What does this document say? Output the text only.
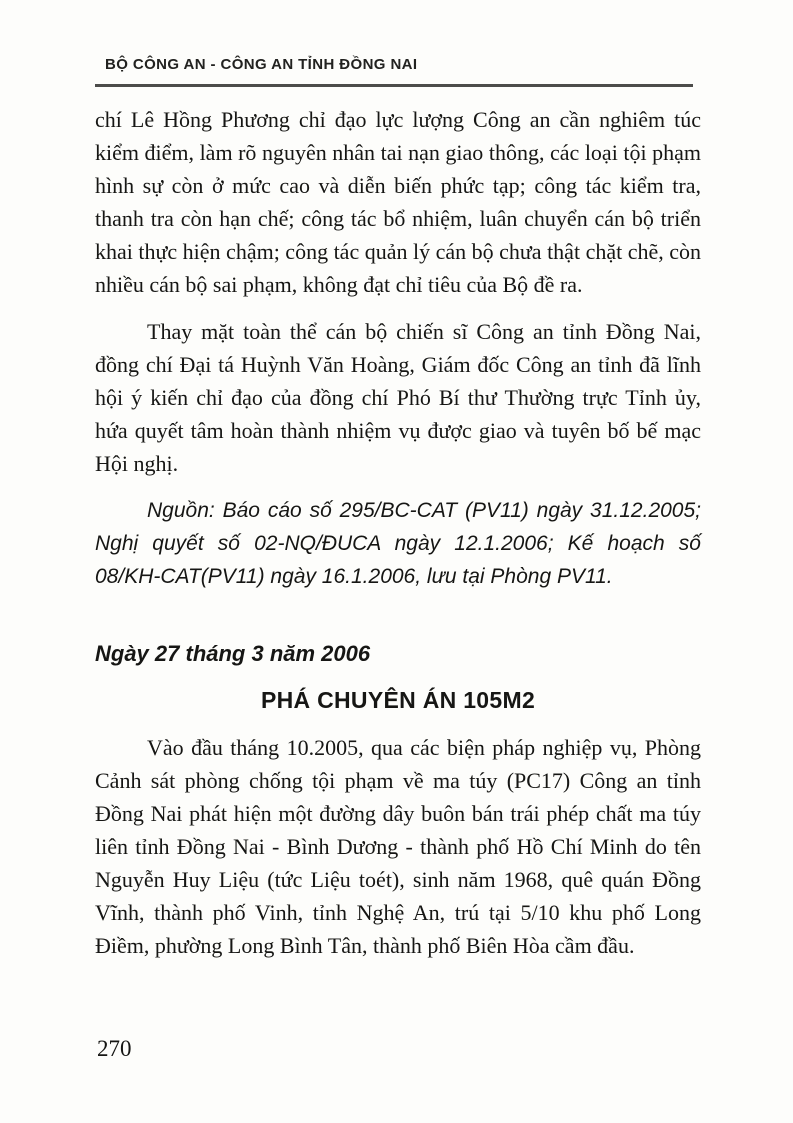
BỘ CÔNG AN - CÔNG AN TỈNH ĐỒNG NAI

chí Lê Hồng Phương chỉ đạo lực lượng Công an cần nghiêm túc kiểm điểm, làm rõ nguyên nhân tai nạn giao thông, các loại tội phạm hình sự còn ở mức cao và diễn biến phức tạp; công tác kiểm tra, thanh tra còn hạn chế; công tác bổ nhiệm, luân chuyển cán bộ triển khai thực hiện chậm; công tác quản lý cán bộ chưa thật chặt chẽ, còn nhiều cán bộ sai phạm, không đạt chỉ tiêu của Bộ đề ra.

Thay mặt toàn thể cán bộ chiến sĩ Công an tỉnh Đồng Nai, đồng chí Đại tá Huỳnh Văn Hoàng, Giám đốc Công an tỉnh đã lĩnh hội ý kiến chỉ đạo của đồng chí Phó Bí thư Thường trực Tỉnh ủy, hứa quyết tâm hoàn thành nhiệm vụ được giao và tuyên bố bế mạc Hội nghị.

Nguồn: Báo cáo số 295/BC-CAT (PV11) ngày 31.12.2005; Nghị quyết số 02-NQ/ĐUCA ngày 12.1.2006; Kế hoạch số 08/KH-CAT(PV11) ngày 16.1.2006, lưu tại Phòng PV11.

Ngày 27 tháng 3 năm 2006

PHÁ CHUYÊN ÁN 105M2

Vào đầu tháng 10.2005, qua các biện pháp nghiệp vụ, Phòng Cảnh sát phòng chống tội phạm về ma túy (PC17) Công an tỉnh Đồng Nai phát hiện một đường dây buôn bán trái phép chất ma túy liên tỉnh Đồng Nai - Bình Dương - thành phố Hồ Chí Minh do tên Nguyễn Huy Liệu (tức Liệu toét), sinh năm 1968, quê quán Đồng Vĩnh, thành phố Vinh, tỉnh Nghệ An, trú tại 5/10 khu phố Long Điềm, phường Long Bình Tân, thành phố Biên Hòa cầm đầu.

270
